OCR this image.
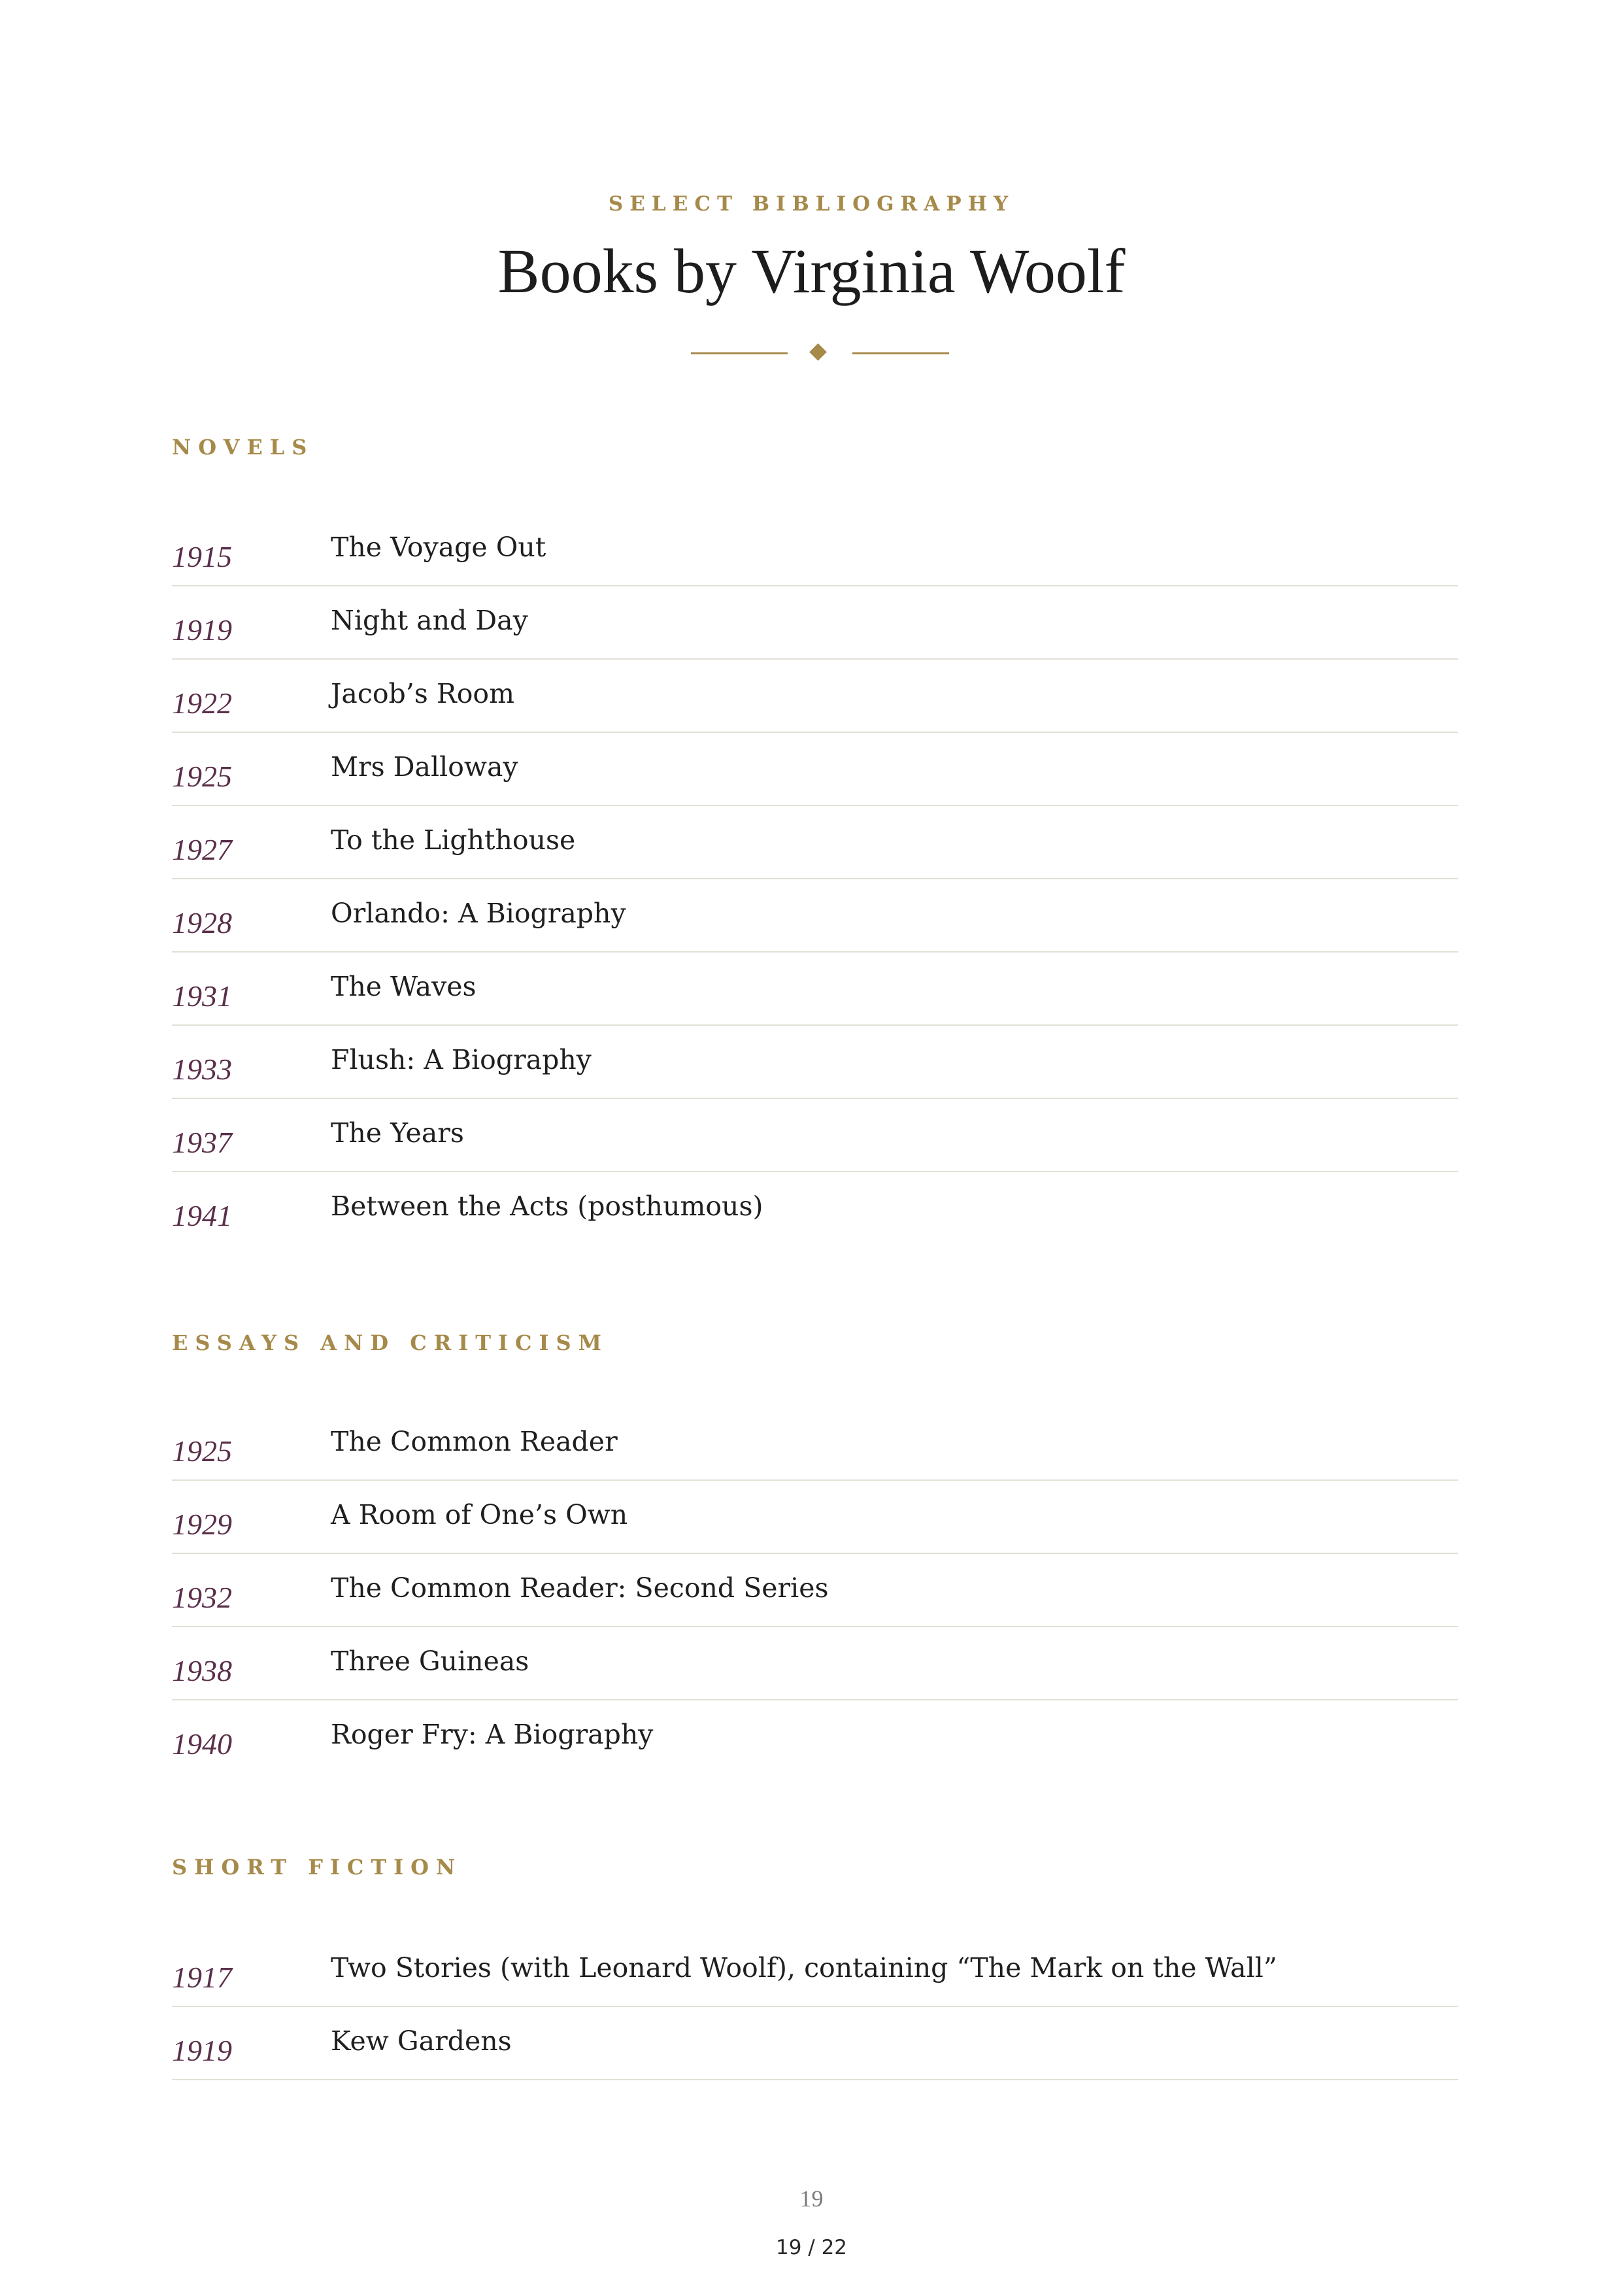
SELECT BIBLIOGRAPHY
Books by Virginia Woolf
NOVELS
1915	The Voyage Out
1919	Night and Day
1922	Jacob’s Room
1925	Mrs Dalloway
1927	To the Lighthouse
1928	Orlando: A Biography
1931	The Waves
1933	Flush: A Biography
1937	The Years
1941	Between the Acts (posthumous)
ESSAYS AND CRITICISM
1925	The Common Reader
1929	A Room of One’s Own
1932	The Common Reader: Second Series
1938	Three Guineas
1940	Roger Fry: A Biography
SHORT FICTION
1917	Two Stories (with Leonard Woolf), containing “The Mark on the Wall”
1919	Kew Gardens
19
19 / 22
